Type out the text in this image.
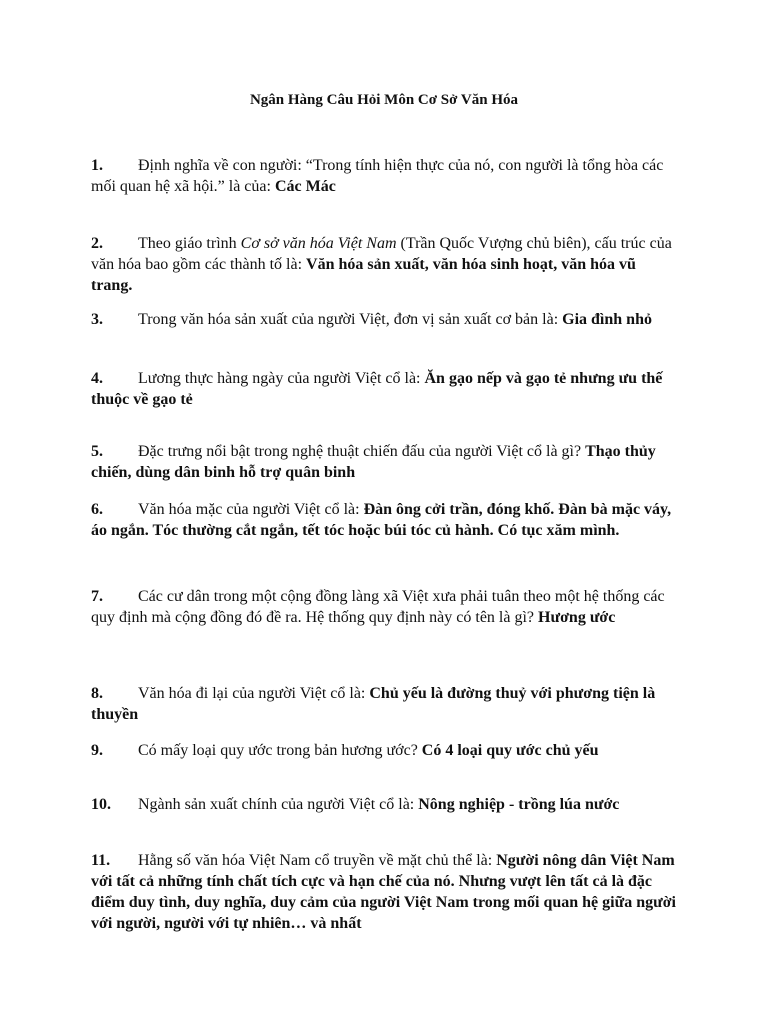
Ngân Hàng Câu Hỏi Môn Cơ Sở Văn Hóa
1. Định nghĩa về con người: “Trong tính hiện thực của nó, con người là tổng hòa các mối quan hệ xã hội.” là của: Các Mác
2. Theo giáo trình Cơ sở văn hóa Việt Nam (Trần Quốc Vượng chủ biên), cấu trúc của văn hóa bao gồm các thành tố là: Văn hóa sản xuất, văn hóa sinh hoạt, văn hóa vũ trang.
3. Trong văn hóa sản xuất của người Việt, đơn vị sản xuất cơ bản là: Gia đình nhỏ
4. Lương thực hàng ngày của người Việt cổ là: Ăn gạo nếp và gạo tẻ nhưng ưu thế thuộc về gạo tẻ
5. Đặc trưng nổi bật trong nghệ thuật chiến đấu của người Việt cổ là gì? Thạo thủy chiến, dùng dân binh hỗ trợ quân binh
6. Văn hóa mặc của người Việt cổ là: Đàn ông cởi trần, đóng khố. Đàn bà mặc váy, áo ngắn. Tóc thường cắt ngắn, tết tóc hoặc búi tóc củ hành. Có tục xăm mình.
7. Các cư dân trong một cộng đồng làng xã Việt xưa phải tuân theo một hệ thống các quy định mà cộng đồng đó đề ra. Hệ thống quy định này có tên là gì? Hương ước
8. Văn hóa đi lại của người Việt cổ là: Chủ yếu là đường thuỷ với phương tiện là thuyền
9. Có mấy loại quy ước trong bản hương ước? Có 4 loại quy ước chủ yếu
10. Ngành sản xuất chính của người Việt cổ là: Nông nghiệp - trồng lúa nước
11. Hằng số văn hóa Việt Nam cổ truyền về mặt chủ thể là: Người nông dân Việt Nam với tất cả những tính chất tích cực và hạn chế của nó. Nhưng vượt lên tất cả là đặc điểm duy tình, duy nghĩa, duy cảm của người Việt Nam trong mối quan hệ giữa người với người, người với tự nhiên… và nhất
